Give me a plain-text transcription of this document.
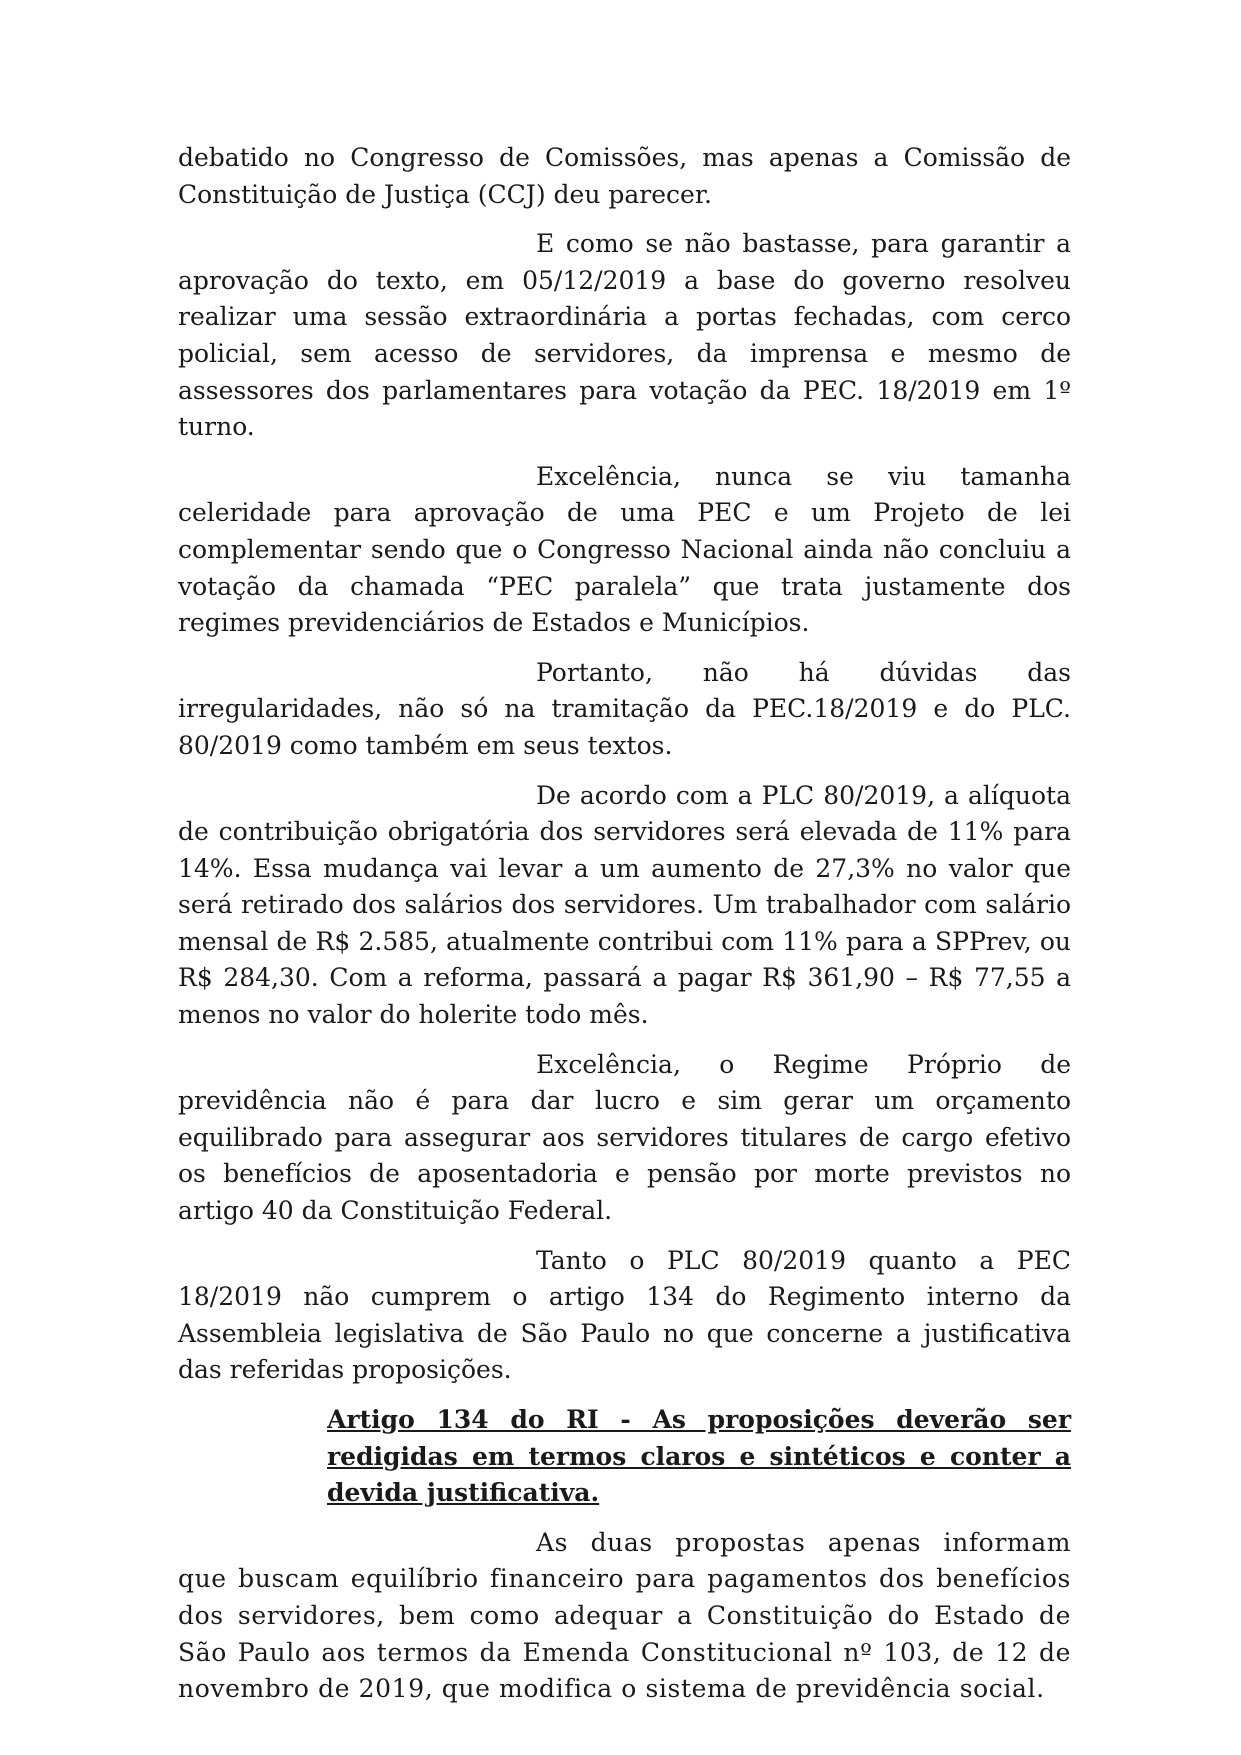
debatido no Congresso de Comissões, mas apenas a Comissão de Constituição de Justiça (CCJ) deu parecer.

E como se não bastasse, para garantir a aprovação do texto, em 05/12/2019 a base do governo resolveu realizar uma sessão extraordinária a portas fechadas, com cerco policial, sem acesso de servidores, da imprensa e mesmo de assessores dos parlamentares para votação da PEC. 18/2019 em 1º turno.

Excelência, nunca se viu tamanha celeridade para aprovação de uma PEC e um Projeto de lei complementar sendo que o Congresso Nacional ainda não concluiu a votação da chamada “PEC paralela” que trata justamente dos regimes previdenciários de Estados e Municípios.

Portanto, não há dúvidas das irregularidades, não só na tramitação da PEC.18/2019 e do PLC. 80/2019 como também em seus textos.

De acordo com a PLC 80/2019, a alíquota de contribuição obrigatória dos servidores será elevada de 11% para 14%. Essa mudança vai levar a um aumento de 27,3% no valor que será retirado dos salários dos servidores. Um trabalhador com salário mensal de R$ 2.585, atualmente contribui com 11% para a SPPrev, ou R$ 284,30. Com a reforma, passará a pagar R$ 361,90 – R$ 77,55 a menos no valor do holerite todo mês.

Excelência, o Regime Próprio de previdência não é para dar lucro e sim gerar um orçamento equilibrado para assegurar aos servidores titulares de cargo efetivo os benefícios de aposentadoria e pensão por morte previstos no artigo 40 da Constituição Federal.

Tanto o PLC 80/2019 quanto a PEC 18/2019 não cumprem o artigo 134 do Regimento interno da Assembleia legislativa de São Paulo no que concerne a justificativa das referidas proposições.

Artigo 134 do RI - As proposições deverão ser redigidas em termos claros e sintéticos e conter a devida justificativa.

As duas propostas apenas informam que buscam equilíbrio financeiro para pagamentos dos benefícios dos servidores, bem como adequar a Constituição do Estado de São Paulo aos termos da Emenda Constitucional nº 103, de 12 de novembro de 2019, que modifica o sistema de previdência social.
